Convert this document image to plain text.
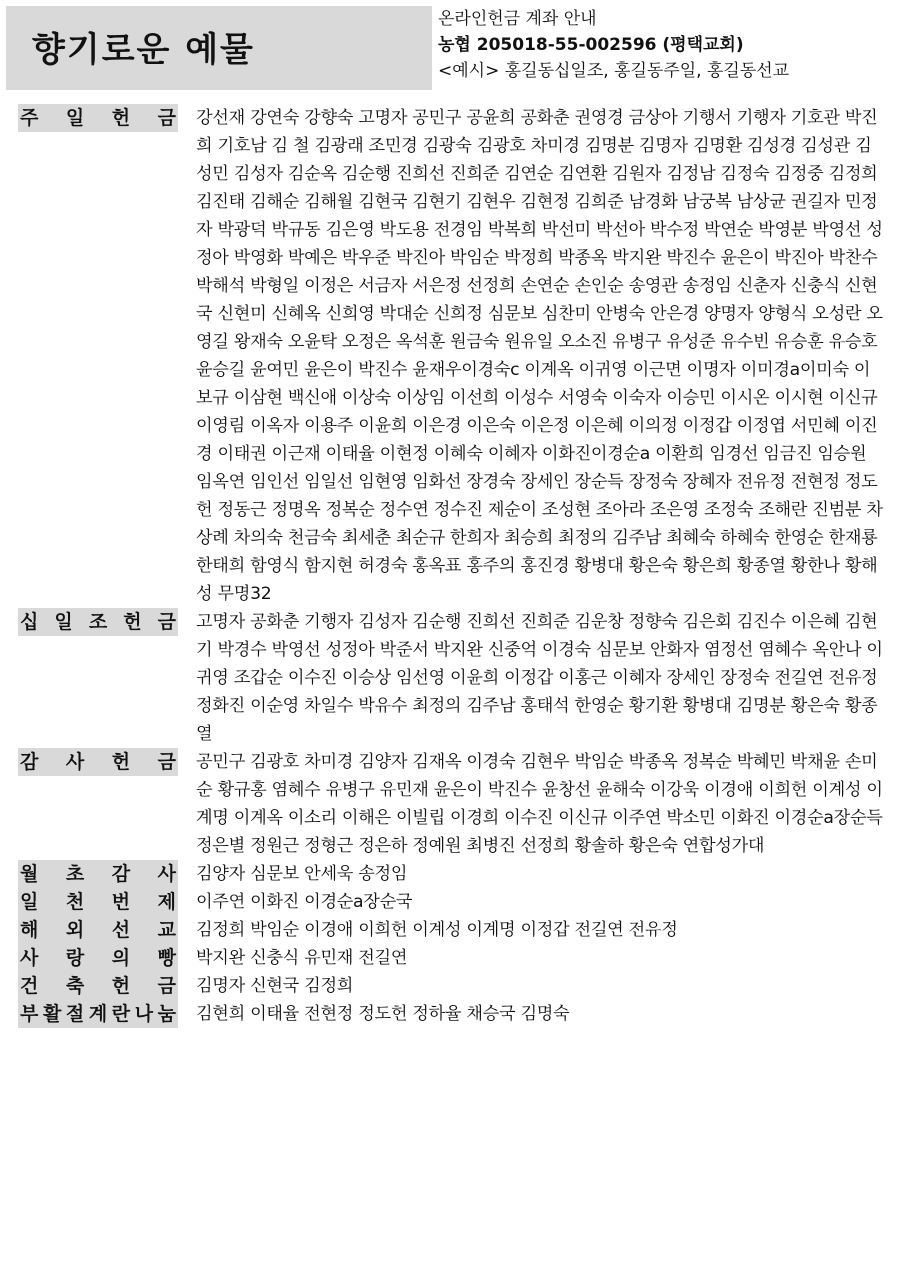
향기로운 예물
온라인헌금 계좌 안내
농협 205018-55-002596 (평택교회)
<예시> 홍길동십일조, 홍길동주일, 홍길동선교
주 일 헌 금 강선재 강연숙 강향숙 고명자 공민구 공윤희 공화춘 권영경 금상아 기행서 기행자 기호관 박진희 기호남 김 철 김광래 조민경 김광숙 김광호 차미경 김명분 김명자 김명환 김성경 김성관 김성민 김성자 김순옥 김순행 진희선 진희준 김연순 김연환 김원자 김정남 김정숙 김정중 김정희 김진태 김해순 김해월 김현국 김현기 김현우 김현정 김희준 남경화 남궁복 남상균 권길자 민정자 박광덕 박규동 김은영 박도용 전경임 박복희 박선미 박선아 박수정 박연순 박영분 박영선 성정아 박영화 박예은 박우준 박진아 박임순 박정희 박종옥 박지완 박진수 윤은이 박진아 박찬수 박해석 박형일 이정은 서금자 서은정 선정희 손연순 손인순 송영관 송정임 신춘자 신충식 신현국 신현미 신혜옥 신희영 박대순 신희정 심문보 심찬미 안병숙 안은경 양명자 양형식 오성란 오영길 왕재숙 오윤탁 오정은 옥석훈 원금숙 원유일 오소진 유병구 유성준 유수빈 유승훈 유승호 윤승길 윤여민 윤은이 박진수 윤재우이경숙c 이계옥 이귀영 이근면 이명자 이미경a이미숙 이보규 이삼현 백신애 이상숙 이상임 이선희 이성수 서영숙 이숙자 이승민 이시온 이시현 이신규 이영림 이옥자 이용주 이윤희 이은경 이은숙 이은정 이은혜 이의정 이정갑 이정엽 서민혜 이진경 이태권 이근재 이태율 이현정 이혜숙 이혜자 이화진이경순a 이환희 임경선 임금진 임승원 임옥연 임인선 임일선 임현영 임화선 장경숙 장세인 장순득 장정숙 장혜자 전유정 전현정 정도헌 정동근 정명옥 정복순 정수연 정수진 제순이 조성현 조아라 조은영 조정숙 조해란 진범분 차상례 차의숙 천금숙 최세춘 최순규 한희자 최승희 최정의 김주남 최혜숙 하혜숙 한영순 한재룡 한태희 함영식 함지현 허경숙 홍옥표 홍주의 홍진경 황병대 황은숙 황은희 황종열 황한나 황해성 무명32
십 일 조 헌 금 고명자 공화춘 기행자 김성자 김순행 진희선 진희준 김운창 정향숙 김은회 김진수 이은혜 김현기 박경수 박영선 성정아 박준서 박지완 신중억 이경숙 심문보 안화자 염정선 염혜수 옥안나 이귀영 조갑순 이수진 이승상 임선영 이윤희 이정갑 이홍근 이혜자 장세인 장정숙 전길연 전유정 정화진 이순영 차일수 박유수 최정의 김주남 홍태석 한영순 황기환 황병대 김명분 황은숙 황종열
감 사 헌 금 공민구 김광호 차미경 김양자 김재옥 이경숙 김현우 박임순 박종옥 정복순 박혜민 박채윤 손미순 황규홍 염혜수 유병구 유민재 윤은이 박진수 윤창선 윤해숙 이강욱 이경애 이희헌 이계성 이계명 이계옥 이소리 이해은 이빌립 이경희 이수진 이신규 이주연 박소민 이화진 이경순a장순득 정은별 정원근 정형근 정은하 정예원 최병진 선정희 황솔하 황은숙 연합성가대
월 초 감 사 김양자 심문보 안세욱 송정임
일 천 번 제 이주연 이화진 이경순a장순국
해 외 선 교 김정희 박임순 이경애 이희헌 이계성 이계명 이정갑 전길연 전유정
사 랑 의 빵 박지완 신충식 유민재 전길연
건 축 헌 금 김명자 신현국 김정희
부 활 절 계 란 나 눔 김현희 이태율 전현정 정도헌 정하율 채승국 김명숙
